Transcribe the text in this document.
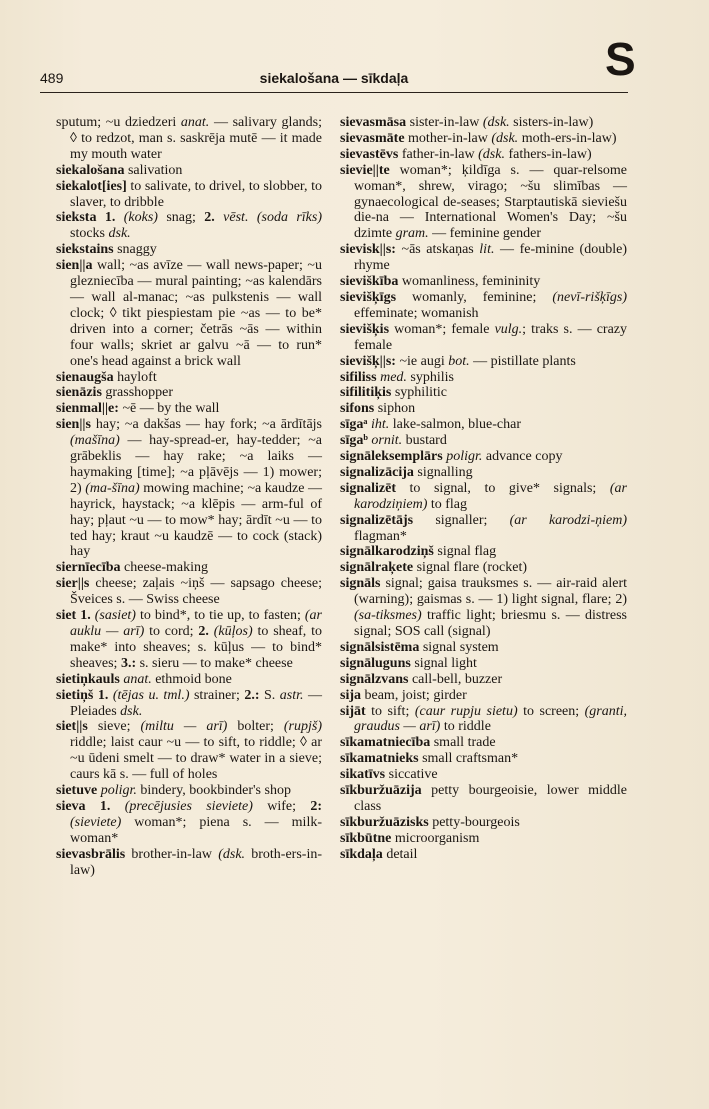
489	siekalošana — sīkdaļa	S

sputum; ~u dziedzeri anat. — salivary glands; ◊ to redzot, man s. saskrēja mutē — it made my mouth water

siekalošana salivation

siekalot[ies] to salivate, to drivel, to slobber, to slaver, to dribble

sieksta 1. (koks) snag; 2. vēst. (soda rīks) stocks dsk.

siekstains snaggy

sien||a wall; ~as avīze — wall news-paper; ~u glezniecība — mural painting; ~as kalendārs — wall al-manac; ~as pulkstenis — wall clock; ◊ tikt piespiestam pie ~as — to be* driven into a corner; četrās ~ās — within four walls; skriet ar galvu ~ā — to run* one's head against a brick wall

sienaugša hayloft

sienāzis grasshopper

sienmal||e: ~ē — by the wall

sien||s hay; ~a dakšas — hay fork; ~a ārdītājs (mašīna) — hay-spread-er, hay-tedder; ~a grābeklis — hay rake; ~a laiks — haymaking [time]; ~a pļāvējs — 1) mower; 2) (ma-šīna) mowing machine; ~a kaudze — hayrick, haystack; ~a klēpis — arm-ful of hay; pļaut ~u — to mow* hay; ārdīt ~u — to ted hay; kraut ~u kaudzē — to cock (stack) hay

siernīecība cheese-making

sier||s cheese; zaļais ~iņš — sapsago cheese; Šveices s. — Swiss cheese

siet 1. (sasiet) to bind*, to tie up, to fasten; (ar auklu — arī) to cord; 2. (kūļos) to sheaf, to make* into sheaves; s. kūļus — to bind* sheaves; 3.: s. sieru — to make* cheese

sietiņkauls anat. ethmoid bone

sietiņš 1. (tējas u. tml.) strainer; 2.: S. astr. — Pleiades dsk.

siet||s sieve; (miltu — arī) bolter; (rupjš) riddle; laist caur ~u — to sift, to riddle; ◊ ar ~u ūdeni smelt — to draw* water in a sieve; caurs kā s. — full of holes

sietuve poligr. bindery, bookbinder's shop

sieva 1. (precējusies sieviete) wife; 2: (sieviete) woman*; piena s. — milk-woman*

sievasbrālis brother-in-law (dsk. broth-ers-in-law)

sievasmāsa sister-in-law (dsk. sisters-in-law)

sievasmāte mother-in-law (dsk. moth-ers-in-law)

sievastēvs father-in-law (dsk. fathers-in-law)

sievie||te woman*; ķildīga s. — quar-relsome woman*, shrew, virago; ~šu slimības — gynaecological de-seases; Starptautiskā sieviešu die-na — International Women's Day; ~šu dzimte gram. — feminine gender

sievisk||s: ~ās atskaņas lit. — fe-minine (double) rhyme

sieviškība womanliness, femininity

sievišķīgs womanly, feminine; (nevī-rišķīgs) effeminate; womanish

sievišķis woman*; female vulg.; traks s. — crazy female

sievišķ||s: ~ie augi bot. — pistillate plants

sifiliss med. syphilis

sifilitiķis syphilitic

sifons siphon

sīgaᵃ iht. lake-salmon, blue-char

sīgaᵇ ornit. bustard

signāleksemplārs poligr. advance copy

signalizācija signalling

signalizēt to signal, to give* signals; (ar karodziņiem) to flag

signalizētājs signaller; (ar karodzi-ņiem) flagman*

signālkarodziņš signal flag

signālraķete signal flare (rocket)

signāls signal; gaisa trauksmes s. — air-raid alert (warning); gaismas s. — 1) light signal, flare; 2) (sa-tiksmes) traffic light; briesmu s. — distress signal; SOS call (signal)

signālsistēma signal system

signāluguns signal light

signālzvans call-bell, buzzer

sija beam, joist; girder

sijāt to sift; (caur rupju sietu) to screen; (granti, graudus — arī) to riddle

sīkamatniecība small trade

sīkamatnieks small craftsman*

sikatīvs siccative

sīkburžuāzija petty bourgeoisie, lower middle class

sīkburžuāzisks petty-bourgeois

sīkbūtne microorganism

sīkdaļa detail
